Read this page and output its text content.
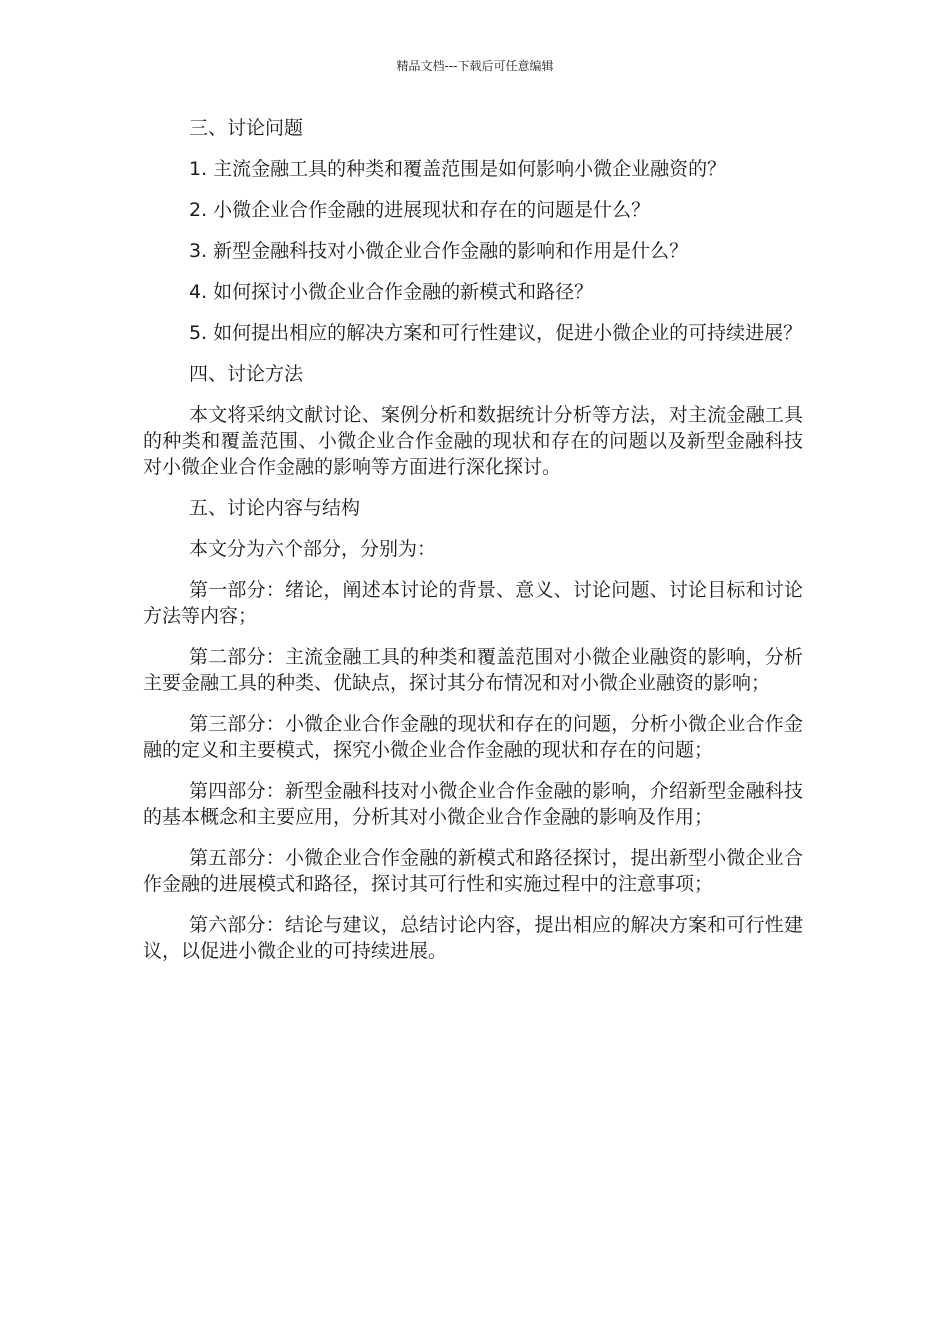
精品文档---下载后可任意编辑

三、讨论问题

1. 主流金融工具的种类和覆盖范围是如何影响小微企业融资的？

2. 小微企业合作金融的进展现状和存在的问题是什么？

3. 新型金融科技对小微企业合作金融的影响和作用是什么？

4. 如何探讨小微企业合作金融的新模式和路径？

5. 如何提出相应的解决方案和可行性建议，促进小微企业的可持续进展？

四、讨论方法

本文将采纳文献讨论、案例分析和数据统计分析等方法，对主流金融工具的种类和覆盖范围、小微企业合作金融的现状和存在的问题以及新型金融科技对小微企业合作金融的影响等方面进行深化探讨。

五、讨论内容与结构

本文分为六个部分，分别为：

第一部分：绪论，阐述本讨论的背景、意义、讨论问题、讨论目标和讨论方法等内容；

第二部分：主流金融工具的种类和覆盖范围对小微企业融资的影响，分析主要金融工具的种类、优缺点，探讨其分布情况和对小微企业融资的影响；

第三部分：小微企业合作金融的现状和存在的问题，分析小微企业合作金融的定义和主要模式，探究小微企业合作金融的现状和存在的问题；

第四部分：新型金融科技对小微企业合作金融的影响，介绍新型金融科技的基本概念和主要应用，分析其对小微企业合作金融的影响及作用；

第五部分：小微企业合作金融的新模式和路径探讨，提出新型小微企业合作金融的进展模式和路径，探讨其可行性和实施过程中的注意事项；

第六部分：结论与建议，总结讨论内容，提出相应的解决方案和可行性建议，以促进小微企业的可持续进展。
